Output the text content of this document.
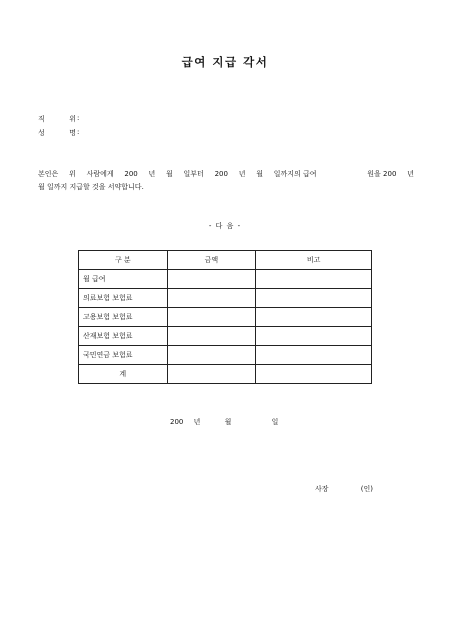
급여 지급 각서
직 위 :
성 명 :
본인은 위 사람에게 200 년 월 일부터 200 년 월 일까지의 급여	원을 200 년
월 일까지 지급할 것을 서약합니다.
- 다 음 -
구 분	금액	비고
월 급여		
의료보험 보험료		
고용보험 보험료		
산재보험 보험료		
국민연금 보험료		
계		
200 년	월	일
사장	(인)
